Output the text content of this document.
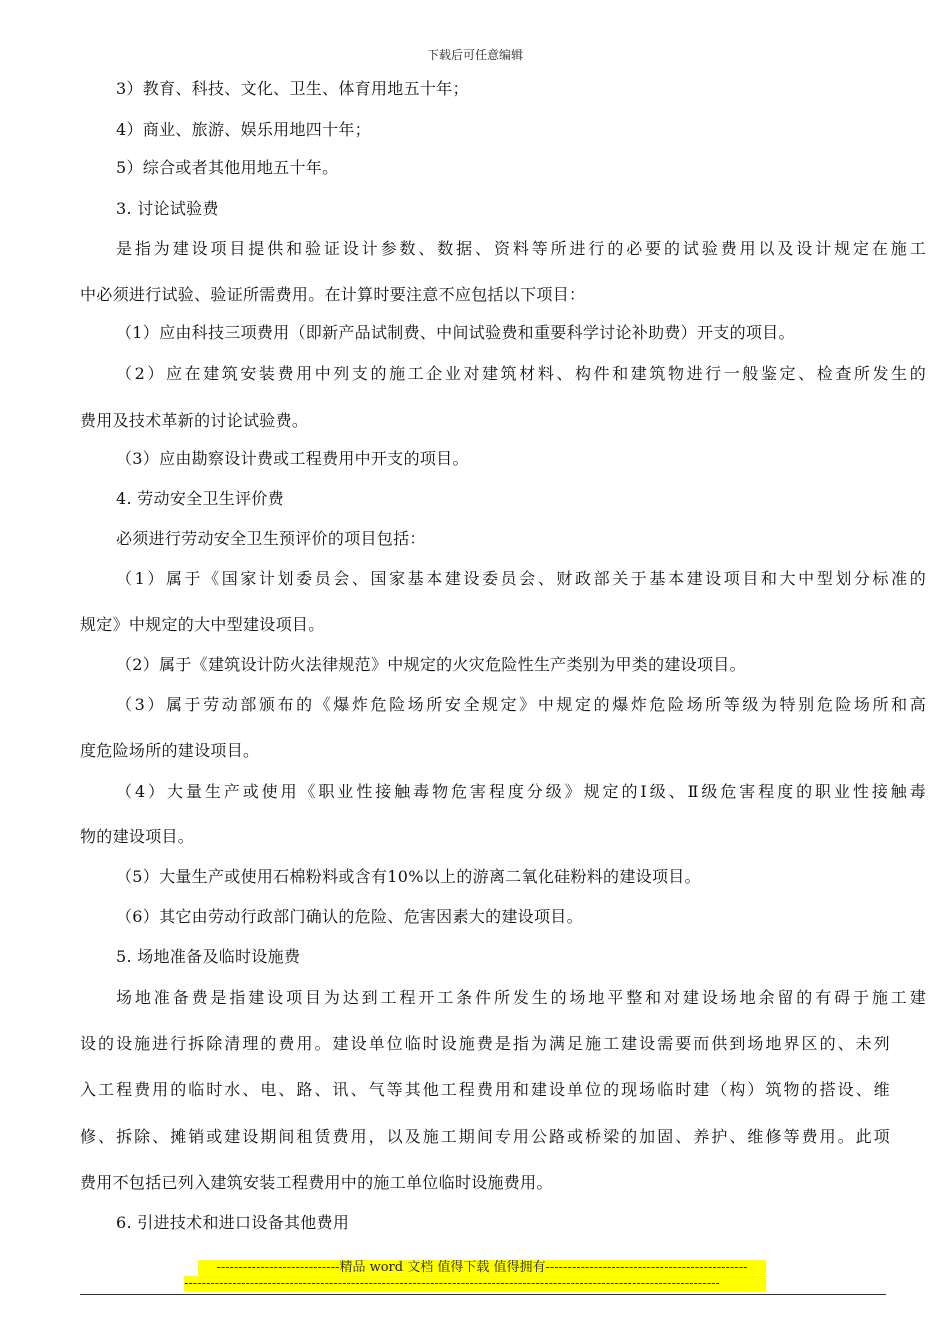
下载后可任意编辑
3）教育、科技、文化、卫生、体育用地五十年；
4）商业、旅游、娱乐用地四十年；
5）综合或者其他用地五十年。
3. 讨论试验费
是指为建设项目提供和验证设计参数、数据、资料等所进行的必要的试验费用以及设计规定在施工
中必须进行试验、验证所需费用。在计算时要注意不应包括以下项目：
（1）应由科技三项费用（即新产品试制费、中间试验费和重要科学讨论补助费）开支的项目。
（2）应在建筑安装费用中列支的施工企业对建筑材料、构件和建筑物进行一般鉴定、检查所发生的
费用及技术革新的讨论试验费。
（3）应由勘察设计费或工程费用中开支的项目。
4. 劳动安全卫生评价费
必须进行劳动安全卫生预评价的项目包括：
（1）属于《国家计划委员会、国家基本建设委员会、财政部关于基本建设项目和大中型划分标准的
规定》中规定的大中型建设项目。
（2）属于《建筑设计防火法律规范》中规定的火灾危险性生产类别为甲类的建设项目。
（3）属于劳动部颁布的《爆炸危险场所安全规定》中规定的爆炸危险场所等级为特别危险场所和高
度危险场所的建设项目。
（4）大量生产或使用《职业性接触毒物危害程度分级》规定的Ⅰ级、Ⅱ级危害程度的职业性接触毒
物的建设项目。
（5）大量生产或使用石棉粉料或含有10%以上的游离二氧化硅粉料的建设项目。
（6）其它由劳动行政部门确认的危险、危害因素大的建设项目。
5. 场地准备及临时设施费
场地准备费是指建设项目为达到工程开工条件所发生的场地平整和对建设场地余留的有碍于施工建
设的设施进行拆除清理的费用。建设单位临时设施费是指为满足施工建设需要而供到场地界区的、未列
入工程费用的临时水、电、路、讯、气等其他工程费用和建设单位的现场临时建（构）筑物的搭设、维
修、拆除、摊销或建设期间租赁费用，以及施工期间专用公路或桥梁的加固、养护、维修等费用。此项
费用不包括已列入建筑安装工程费用中的施工单位临时设施费用。
6. 引进技术和进口设备其他费用
----------------------------精品 word 文档 值得下载 值得拥有----------------------------------------------
--------------------------------------------------------------------------------------------------------------------------
